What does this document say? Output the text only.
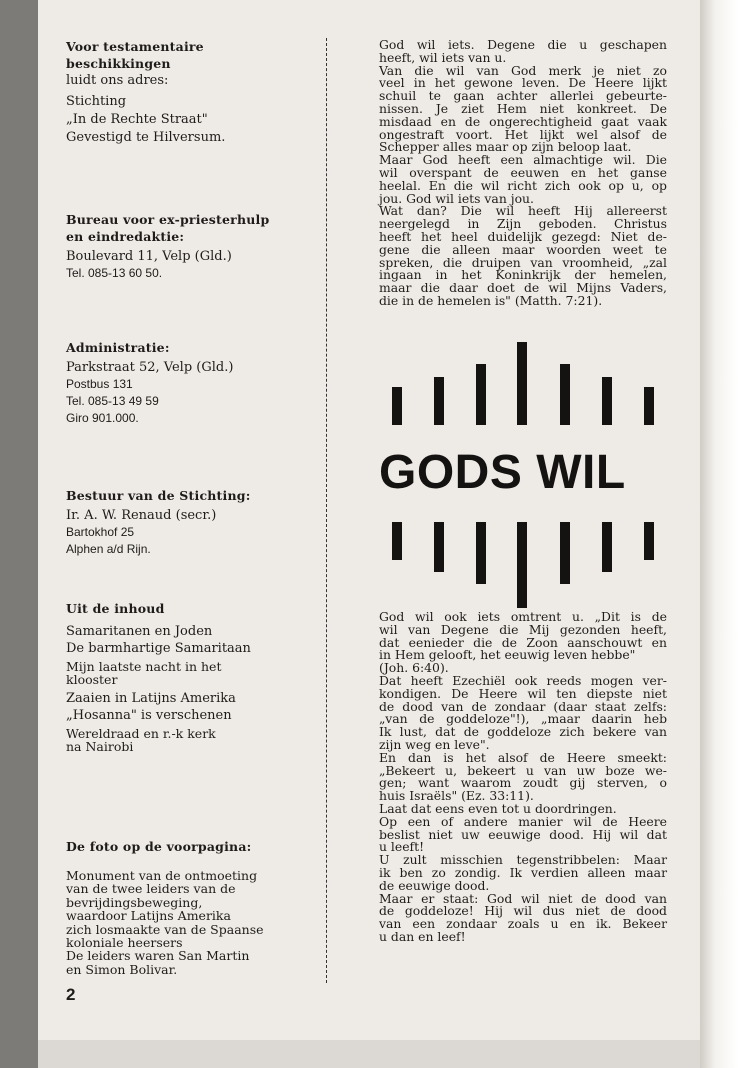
Voor testamentaire
beschikkingen
luidt ons adres:
Stichting
„In de Rechte Straat"
Gevestigd te Hilversum.
Bureau voor ex-priesterhulp
en eindredaktie:
Boulevard 11, Velp (Gld.)
Tel. 085-13 60 50.
Administratie:
Parkstraat 52, Velp (Gld.)
Postbus 131
Tel. 085-13 49 59
Giro 901.000.
Bestuur van de Stichting:
Ir. A. W. Renaud (secr.)
Bartokhof 25
Alphen a/d Rijn.
Uit de inhoud
Samaritanen en Joden
De barmhartige Samaritaan
Mijn laatste nacht in het
klooster
Zaaien in Latijns Amerika
„Hosanna" is verschenen
Wereldraad en r.-k kerk
na Nairobi
De foto op de voorpagina:
Monument van de ontmoeting
van de twee leiders van de
bevrijdingsbeweging,
waardoor Latijns Amerika
zich losmaakte van de Spaanse
koloniale heersers
De leiders waren San Martin
en Simon Bolivar.
2
God wil iets. Degene die u geschapen
heeft, wil iets van u.
Van die wil van God merk je niet zo
veel in het gewone leven. De Heere lijkt
schuil te gaan achter allerlei gebeurte-
nissen. Je ziet Hem niet konkreet. De
misdaad en de ongerechtigheid gaat vaak
ongestraft voort. Het lijkt wel alsof de
Schepper alles maar op zijn beloop laat.
Maar God heeft een almachtige wil. Die
wil overspant de eeuwen en het ganse
heelal. En die wil richt zich ook op u, op
jou. God wil iets van jou.
Wat dan? Die wil heeft Hij allereerst
neergelegd in Zijn geboden. Christus
heeft het heel duidelijk gezegd: Niet de-
gene die alleen maar woorden weet te
spreken, die druipen van vroomheid, „zal
ingaan in het Koninkrijk der hemelen,
maar die daar doet de wil Mijns Vaders,
die in de hemelen is" (Matth. 7:21).
GODS WIL
God wil ook iets omtrent u. „Dit is de
wil van Degene die Mij gezonden heeft,
dat eenieder die de Zoon aanschouwt en
in Hem gelooft, het eeuwig leven hebbe"
(Joh. 6:40).
Dat heeft Ezechiël ook reeds mogen ver-
kondigen. De Heere wil ten diepste niet
de dood van de zondaar (daar staat zelfs:
„van de goddeloze"!), „maar daarin heb
Ik lust, dat de goddeloze zich bekere van
zijn weg en leve".
En dan is het alsof de Heere smeekt:
„Bekeert u, bekeert u van uw boze we-
gen; want waarom zoudt gij sterven, o
huis Israëls" (Ez. 33:11).
Laat dat eens even tot u doordringen.
Op een of andere manier wil de Heere
beslist niet uw eeuwige dood. Hij wil dat
u leeft!
U zult misschien tegenstribbelen: Maar
ik ben zo zondig. Ik verdien alleen maar
de eeuwige dood.
Maar er staat: God wil niet de dood van
de goddeloze! Hij wil dus niet de dood
van een zondaar zoals u en ik. Bekeer
u dan en leef!
